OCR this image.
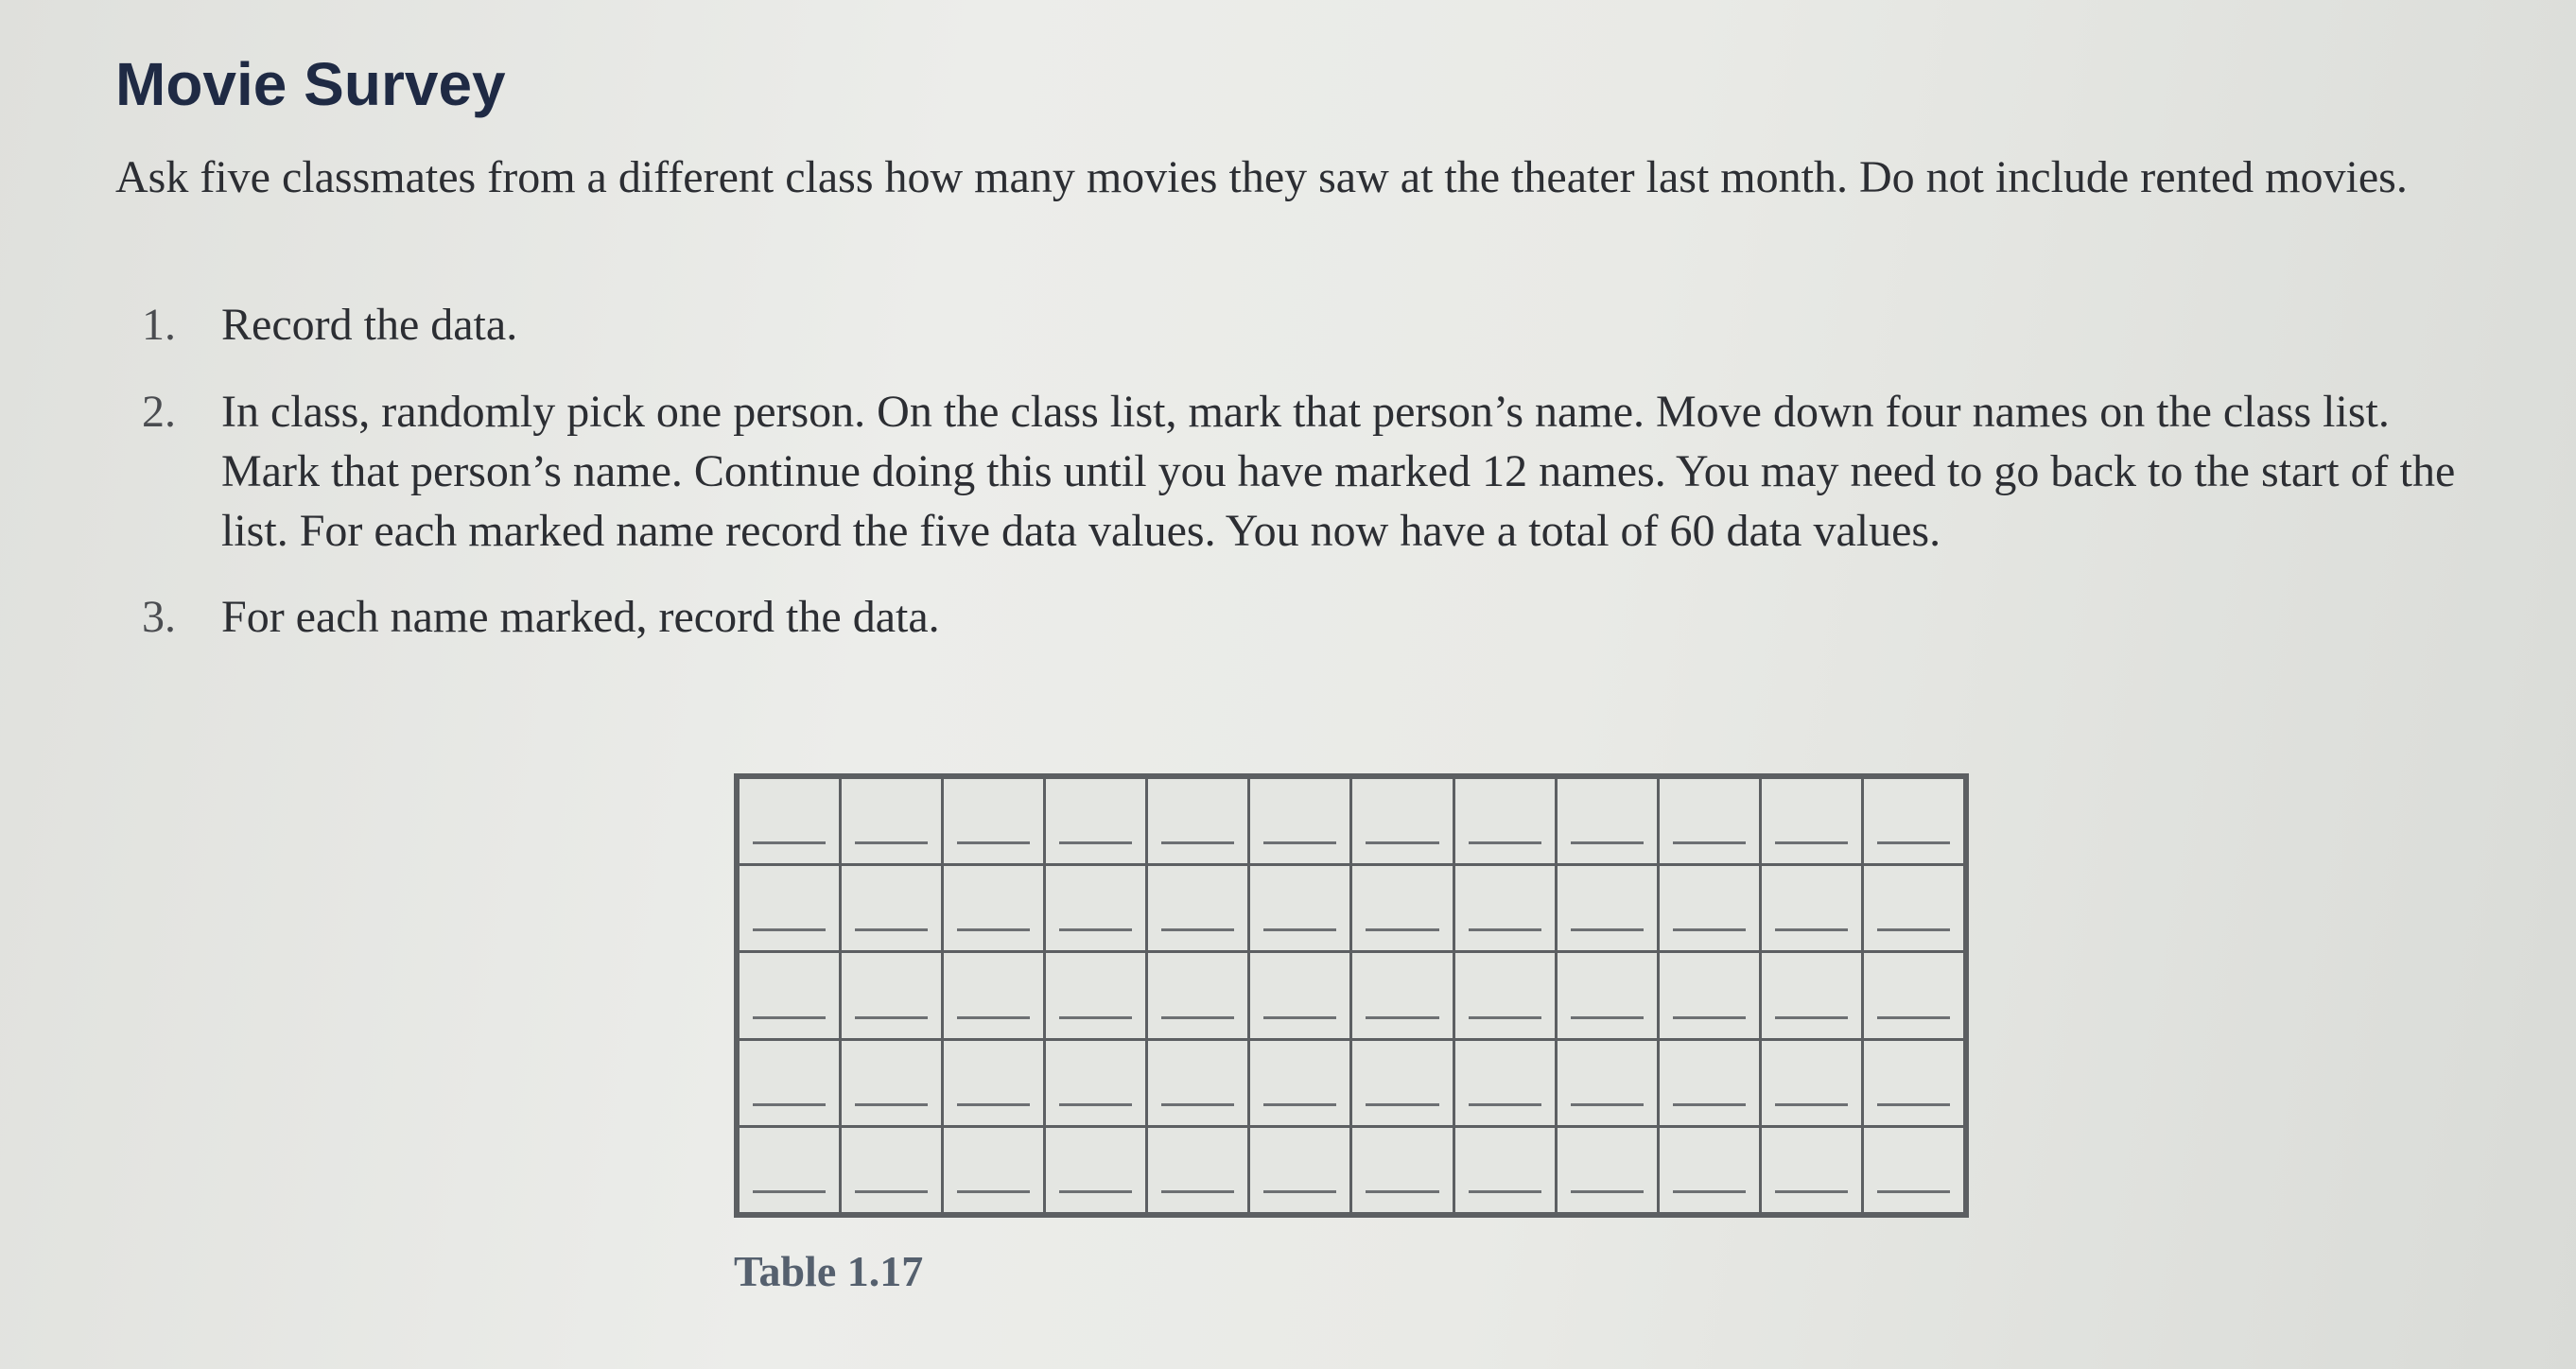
Movie Survey

Ask five classmates from a different class how many movies they saw at the theater last month. Do not include rented movies.

1. Record the data.
2. In class, randomly pick one person. On the class list, mark that person’s name. Move down four names on the class list. Mark that person’s name. Continue doing this until you have marked 12 names. You may need to go back to the start of the list. For each marked name record the five data values. You now have a total of 60 data values.
3. For each name marked, record the data.

Table 1.17
